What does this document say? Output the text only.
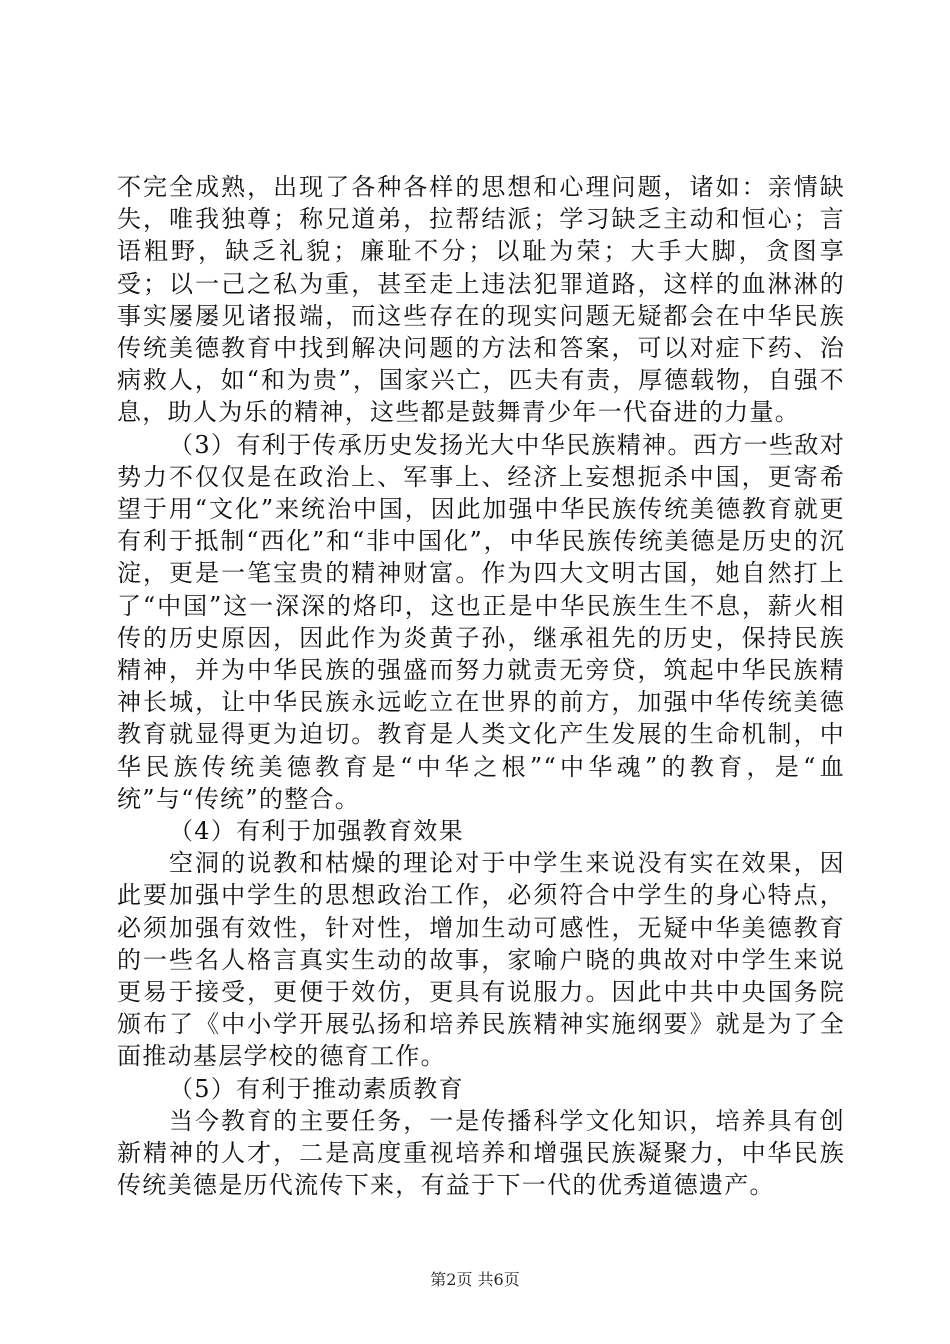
不完全成熟，出现了各种各样的思想和心理问题，诸如：亲情缺失，唯我独尊；称兄道弟，拉帮结派；学习缺乏主动和恒心；言语粗野，缺乏礼貌；廉耻不分；以耻为荣；大手大脚，贪图享受；以一己之私为重，甚至走上违法犯罪道路，这样的血淋淋的事实屡屡见诸报端，而这些存在的现实问题无疑都会在中华民族传统美德教育中找到解决问题的方法和答案，可以对症下药、治病救人，如“和为贵”，国家兴亡，匹夫有责，厚德载物，自强不息，助人为乐的精神，这些都是鼓舞青少年一代奋进的力量。

（3）有利于传承历史发扬光大中华民族精神。西方一些敌对势力不仅仅是在政治上、军事上、经济上妄想扼杀中国，更寄希望于用“文化”来统治中国，因此加强中华民族传统美德教育就更有利于抵制“西化”和“非中国化”，中华民族传统美德是历史的沉淀，更是一笔宝贵的精神财富。作为四大文明古国，她自然打上了“中国”这一深深的烙印，这也正是中华民族生生不息，薪火相传的历史原因，因此作为炎黄子孙，继承祖先的历史，保持民族精神，并为中华民族的强盛而努力就责无旁贷，筑起中华民族精神长城，让中华民族永远屹立在世界的前方，加强中华传统美德教育就显得更为迫切。教育是人类文化产生发展的生命机制，中华民族传统美德教育是“中华之根”“中华魂”的教育，是“血统”与“传统”的整合。

（4）有利于加强教育效果

空洞的说教和枯燥的理论对于中学生来说没有实在效果，因此要加强中学生的思想政治工作，必须符合中学生的身心特点，必须加强有效性，针对性，增加生动可感性，无疑中华美德教育的一些名人格言真实生动的故事，家喻户晓的典故对中学生来说更易于接受，更便于效仿，更具有说服力。因此中共中央国务院颁布了《中小学开展弘扬和培养民族精神实施纲要》就是为了全面推动基层学校的德育工作。

（5）有利于推动素质教育

当今教育的主要任务，一是传播科学文化知识，培养具有创新精神的人才，二是高度重视培养和增强民族凝聚力，中华民族传统美德是历代流传下来，有益于下一代的优秀道德遗产。

第2页 共6页
